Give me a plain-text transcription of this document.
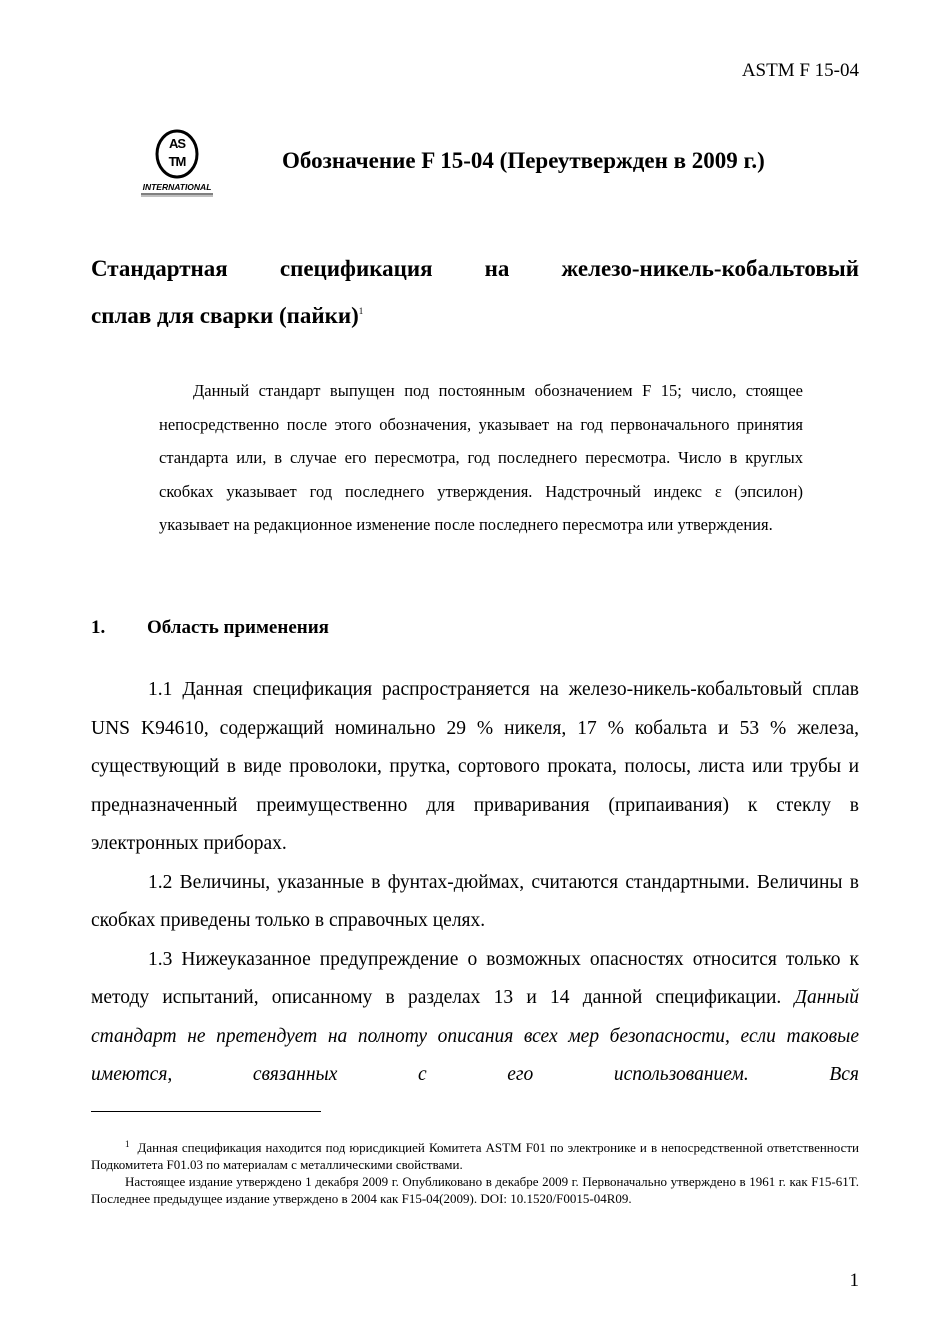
ASTM F 15-04
AS
TM
INTERNATIONAL
Обозначение F 15-04 (Переутвержден в 2009 г.)
Стандартная спецификация на железо-никель-кобальтовый
сплав для сварки (пайки)$^1$

Данный стандарт выпущен под постоянным обозначением F 15; число, стоящее непосредственно после этого обозначения, указывает на год первоначального принятия стандарта или, в случае его пересмотра, год последнего пересмотра. Число в круглых скобках указывает год последнего утверждения. Надстрочный индекс ε (эпсилон) указывает на редакционное изменение после последнего пересмотра или утверждения.

1. Область применения

1.1 Данная спецификация распространяется на железо-никель-кобальтовый сплав UNS K94610, содержащий номинально 29 % никеля, 17 % кобальта и 53 % железа, существующий в виде проволоки, прутка, сортового проката, полосы, листа или трубы и предназначенный преимущественно для приваривания (припаивания) к стеклу в электронных приборах.

1.2 Величины, указанные в фунтах-дюймах, считаются стандартными. Величины в скобках приведены только в справочных целях.

1.3 Нижеуказанное предупреждение о возможных опасностях относится только к методу испытаний, описанному в разделах 13 и 14 данной спецификации. Данный стандарт не претендует на полноту описания всех мер безопасности, если таковые имеются, связанных с его использованием. Вся

$^1$ Данная спецификация находится под юрисдикцией Комитета ASTM F01 по электронике и в непосредственной ответственности Подкомитета F01.03 по материалам с металлическими свойствами.

Настоящее издание утверждено 1 декабря 2009 г. Опубликовано в декабре 2009 г. Первоначально утверждено в 1961 г. как F15-61T. Последнее предыдущее издание утверждено в 2004 как F15-04(2009). DOI: 10.1520/F0015-04R09.

1
